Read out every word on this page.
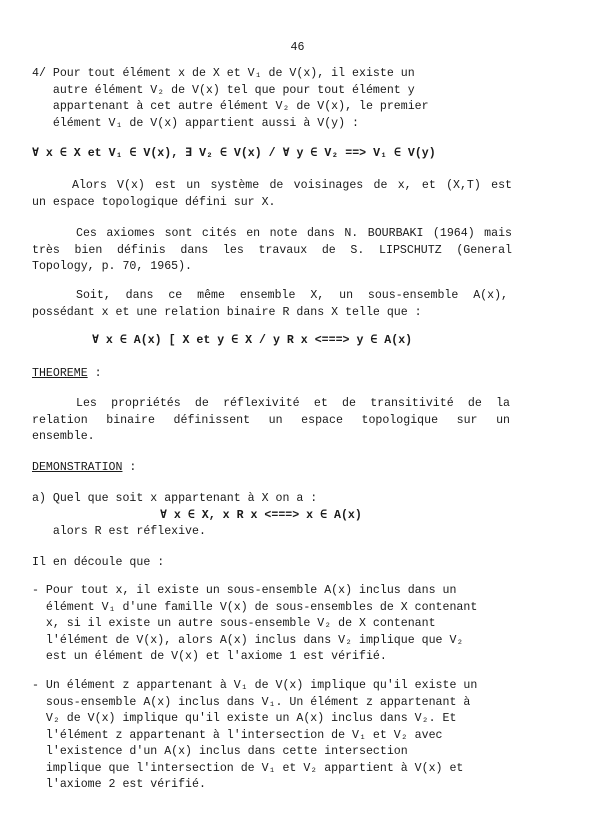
46
4/ Pour tout élément x de X et V₁ de V(x), il existe un
autre élément V₂ de V(x) tel que pour tout élément y
appartenant à cet autre élément V₂ de V(x), le premier
élément V₁ de V(x) appartient aussi à V(y) :
∀ x ∈ X et V₁ ∈ V(x), ∃ V₂ ∈ V(x) / ∀ y ∈ V₂ ==> V₁ ∈ V(y)
Alors V(x) est un système de voisinages de x, et (X,T) est
un espace topologique défini sur X.
Ces axiomes sont cités en note dans N. BOURBAKI (1964) mais
très bien définis dans les travaux de S. LIPSCHUTZ (General
Topology, p. 70, 1965).
Soit, dans ce même ensemble X, un sous-ensemble A(x),
possédant x et une relation binaire R dans X telle que :
∀ x ∈ A(x) [ X et y ∈ X / y R x <===> y ∈ A(x)
THEOREME :
Les propriétés de réflexivité et de transitivité de la
relation binaire définissent un espace topologique sur un
ensemble.
DEMONSTRATION :
a) Quel que soit x appartenant à X on a :
∀ x ∈ X, x R x <===> x ∈ A(x)
alors R est réflexive.
Il en découle que :
- Pour tout x, il existe un sous-ensemble A(x) inclus dans un
élément V₁ d'une famille V(x) de sous-ensembles de X contenant
x, si il existe un autre sous-ensemble V₂ de X contenant
l'élément de V(x), alors A(x) inclus dans V₂ implique que V₂
est un élément de V(x) et l'axiome 1 est vérifié.
- Un élément z appartenant à V₁ de V(x) implique qu'il existe un
sous-ensemble A(x) inclus dans V₁. Un élément z appartenant à
V₂ de V(x) implique qu'il existe un A(x) inclus dans V₂. Et
l'élément z appartenant à l'intersection de V₁ et V₂ avec
l'existence d'un A(x) inclus dans cette intersection
implique que l'intersection de V₁ et V₂ appartient à V(x) et
l'axiome 2 est vérifié.
